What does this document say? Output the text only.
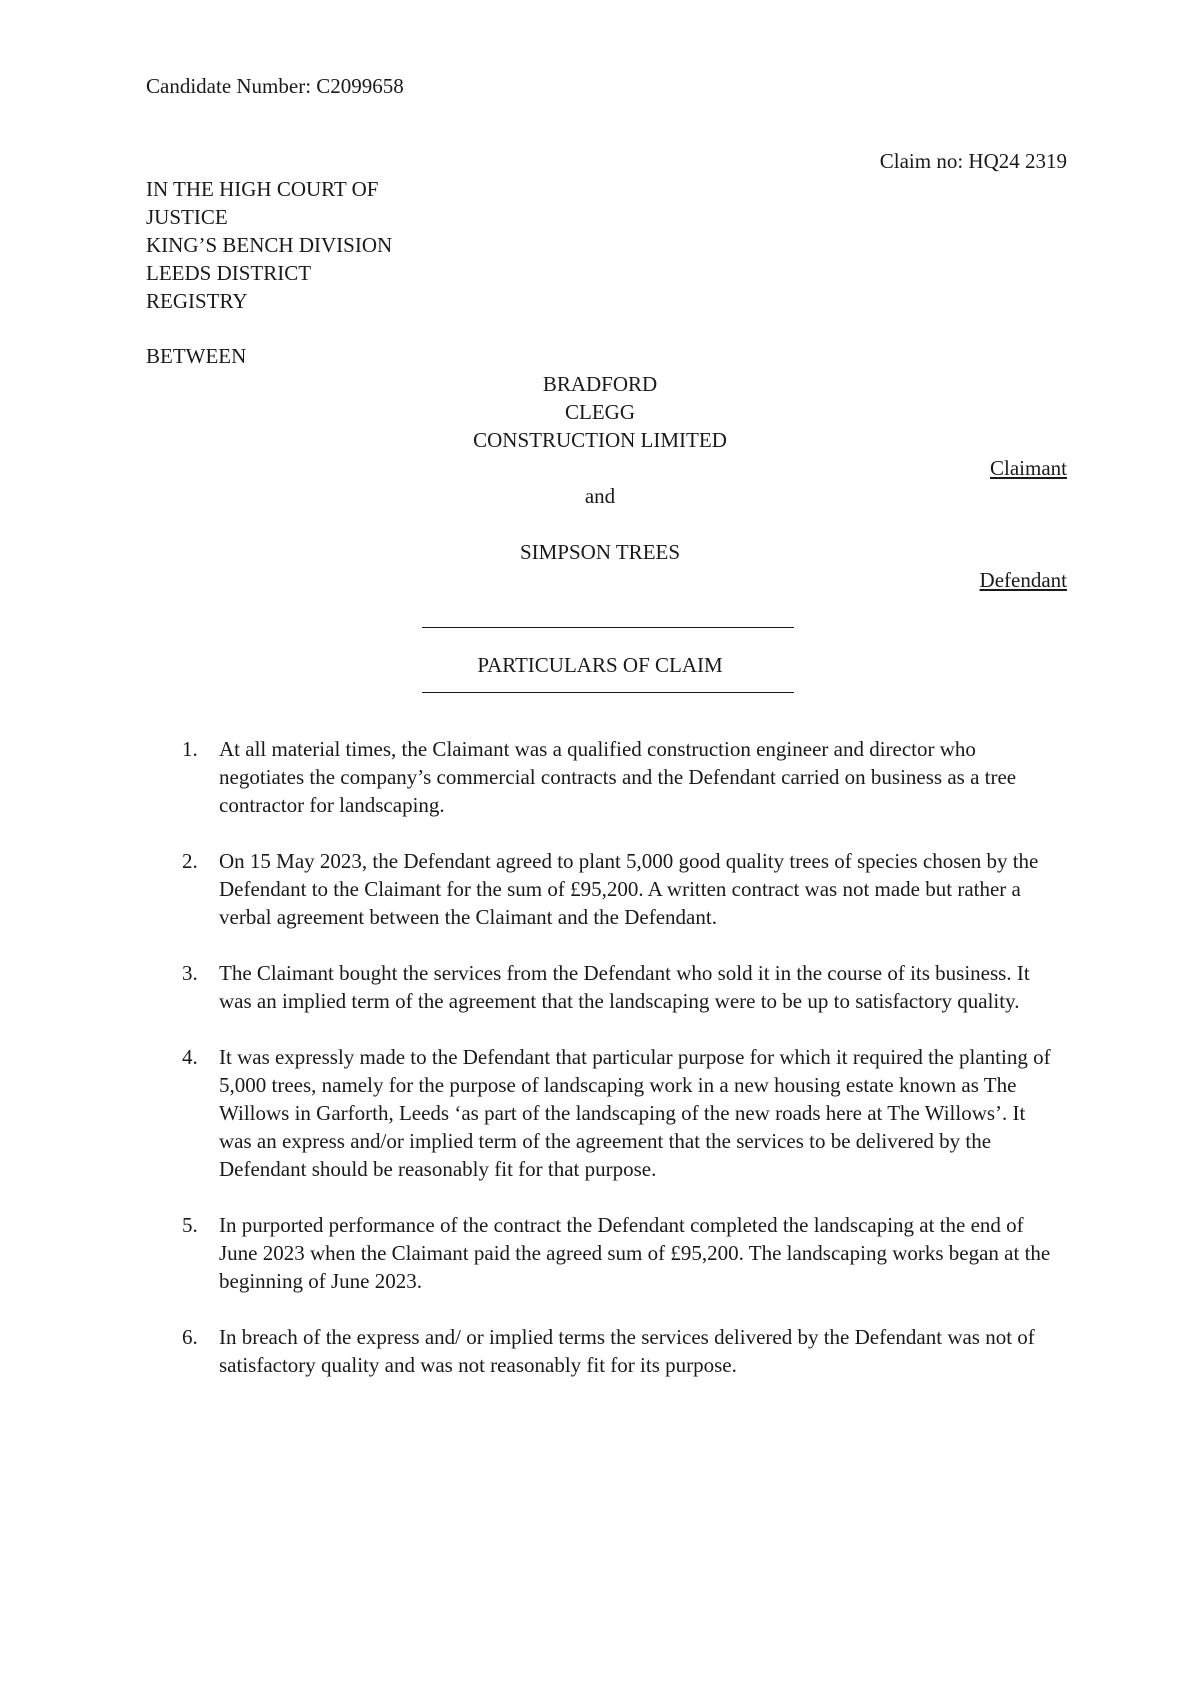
Candidate Number: C2099658
Claim no: HQ24 2319
IN THE HIGH COURT OF
JUSTICE
KING’S BENCH DIVISION
LEEDS DISTRICT
REGISTRY
BETWEEN
BRADFORD
CLEGG
CONSTRUCTION LIMITED
Claimant
and
SIMPSON TREES
Defendant
PARTICULARS OF CLAIM
1. At all material times, the Claimant was a qualified construction engineer and director who negotiates the company’s commercial contracts and the Defendant carried on business as a tree contractor for landscaping.
2. On 15 May 2023, the Defendant agreed to plant 5,000 good quality trees of species chosen by the Defendant to the Claimant for the sum of £95,200. A written contract was not made but rather a verbal agreement between the Claimant and the Defendant.
3. The Claimant bought the services from the Defendant who sold it in the course of its business. It was an implied term of the agreement that the landscaping were to be up to satisfactory quality.
4. It was expressly made to the Defendant that particular purpose for which it required the planting of 5,000 trees, namely for the purpose of landscaping work in a new housing estate known as The Willows in Garforth, Leeds ‘as part of the landscaping of the new roads here at The Willows’. It was an express and/or implied term of the agreement that the services to be delivered by the Defendant should be reasonably fit for that purpose.
5. In purported performance of the contract the Defendant completed the landscaping at the end of June 2023 when the Claimant paid the agreed sum of £95,200. The landscaping works began at the beginning of June 2023.
6. In breach of the express and/ or implied terms the services delivered by the Defendant was not of satisfactory quality and was not reasonably fit for its purpose.
